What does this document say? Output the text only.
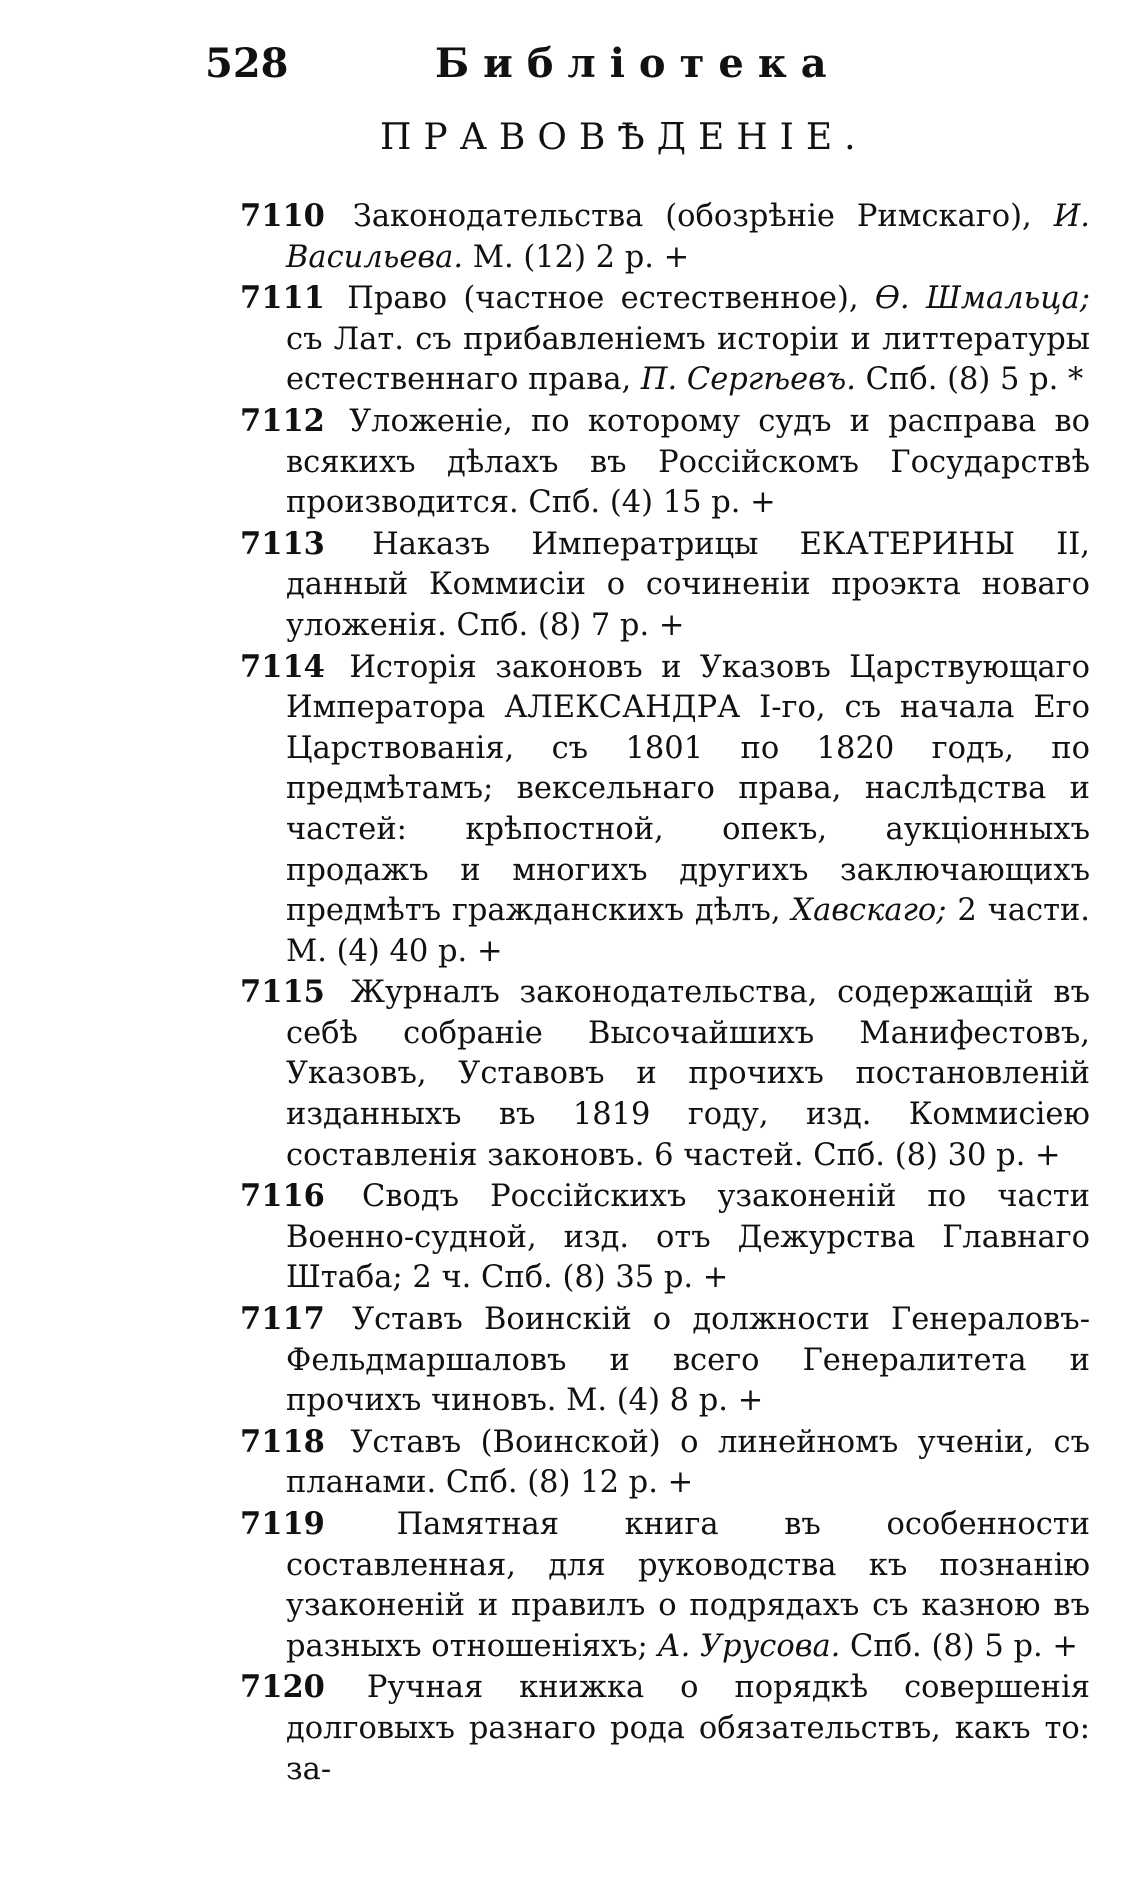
528	Библіотека
ПРАВОВѢДЕНІЕ.

7110 Законодательства (обозрѣніе Римскаго), И. Васильева. М. (12) 2 р. +

7111 Право (частное естественное), Ѳ. Шмальца; съ Лат. съ прибавленіемъ исторіи и литтературы естественнаго права, П. Сергѣевъ. Спб. (8) 5 р. *

7112 Уложеніе, по которому судъ и расправа во всякихъ дѣлахъ въ Россійскомъ Государствѣ производится. Спб. (4) 15 р. +

7113 Наказъ Императрицы ЕКАТЕРИНЫ II, данный Коммисіи о сочиненіи проэкта новаго уложенія. Спб. (8) 7 р. +

7114 Исторія законовъ и Указовъ Царствующаго Императора АЛЕКСАНДРА I-го, съ начала Его Царствованія, съ 1801 по 1820 годъ, по предмѣтамъ; вексельнаго права, наслѣдства и частей: крѣпостной, опекъ, аукціонныхъ продажъ и многихъ другихъ заключающихъ предмѣтъ гражданскихъ дѣлъ, Хавскаго; 2 части. М. (4) 40 р. +

7115 Журналъ законодательства, содержащій въ себѣ собраніе Высочайшихъ Манифестовъ, Указовъ, Уставовъ и прочихъ постановленій изданныхъ въ 1819 году, изд. Коммисіею составленія законовъ. 6 частей. Спб. (8) 30 р. +

7116 Сводъ Россійскихъ узаконеній по части Военно-судной, изд. отъ Дежурства Главнаго Штаба; 2 ч. Спб. (8) 35 р. +

7117 Уставъ Воинскій о должности Генераловъ-Фельдмаршаловъ и всего Генералитета и прочихъ чиновъ. М. (4) 8 р. +

7118 Уставъ (Воинской) о линейномъ ученіи, съ планами. Спб. (8) 12 р. +

7119 Памятная книга въ особенности составленная, для руководства къ познанію узаконеній и правилъ о подрядахъ съ казною въ разныхъ отношеніяхъ; А. Урусова. Спб. (8) 5 р. +

7120 Ручная книжка о порядкѣ совершенія долговыхъ разнаго рода обязательствъ, какъ то: за-
